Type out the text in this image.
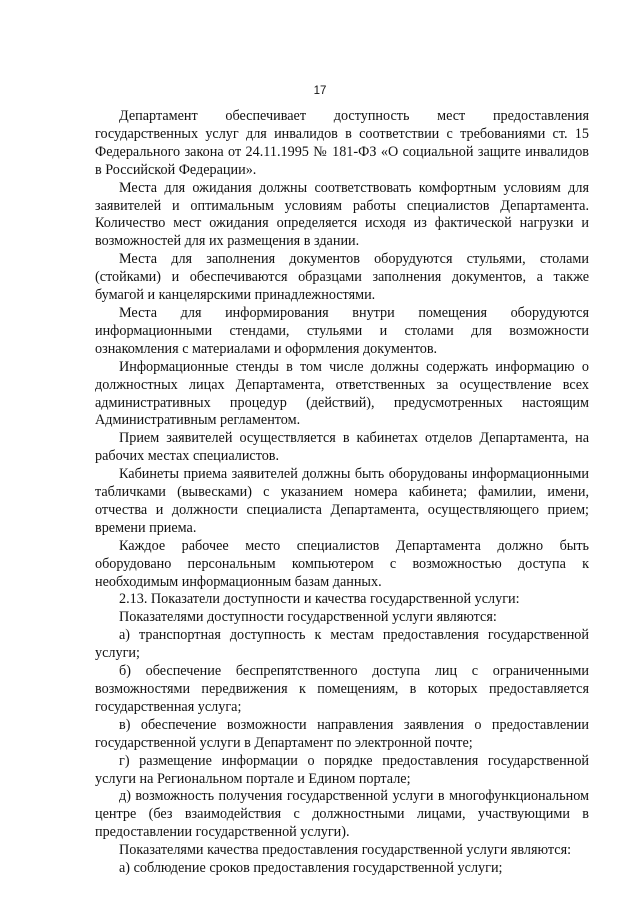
17

Департамент обеспечивает доступность мест предоставления государственных услуг для инвалидов в соответствии с требованиями ст. 15 Федерального закона от 24.11.1995 № 181-ФЗ «О социальной защите инвалидов в Российской Федерации».

Места для ожидания должны соответствовать комфортным условиям для заявителей и оптимальным условиям работы специалистов Департамента. Количество мест ожидания определяется исходя из фактической нагрузки и возможностей для их размещения в здании.

Места для заполнения документов оборудуются стульями, столами (стойками) и обеспечиваются образцами заполнения документов, а также бумагой и канцелярскими принадлежностями.

Места для информирования внутри помещения оборудуются информационными стендами, стульями и столами для возможности ознакомления с материалами и оформления документов.

Информационные стенды в том числе должны содержать информацию о должностных лицах Департамента, ответственных за осуществление всех административных процедур (действий), предусмотренных настоящим Административным регламентом.

Прием заявителей осуществляется в кабинетах отделов Департамента, на рабочих местах специалистов.

Кабинеты приема заявителей должны быть оборудованы информационными табличками (вывесками) с указанием номера кабинета; фамилии, имени, отчества и должности специалиста Департамента, осуществляющего прием; времени приема.

Каждое рабочее место специалистов Департамента должно быть оборудовано персональным компьютером с возможностью доступа к необходимым информационным базам данных.

2.13. Показатели доступности и качества государственной услуги:

Показателями доступности государственной услуги являются:

а) транспортная доступность к местам предоставления государственной услуги;

б) обеспечение беспрепятственного доступа лиц с ограниченными возможностями передвижения к помещениям, в которых предоставляется государственная услуга;

в) обеспечение возможности направления заявления о предоставлении государственной услуги в Департамент по электронной почте;

г) размещение информации о порядке предоставления государственной услуги на Региональном портале и Едином портале;

д) возможность получения государственной услуги в многофункциональном центре (без взаимодействия с должностными лицами, участвующими в предоставлении государственной услуги).

Показателями качества предоставления государственной услуги являются:

а) соблюдение сроков предоставления государственной услуги;
